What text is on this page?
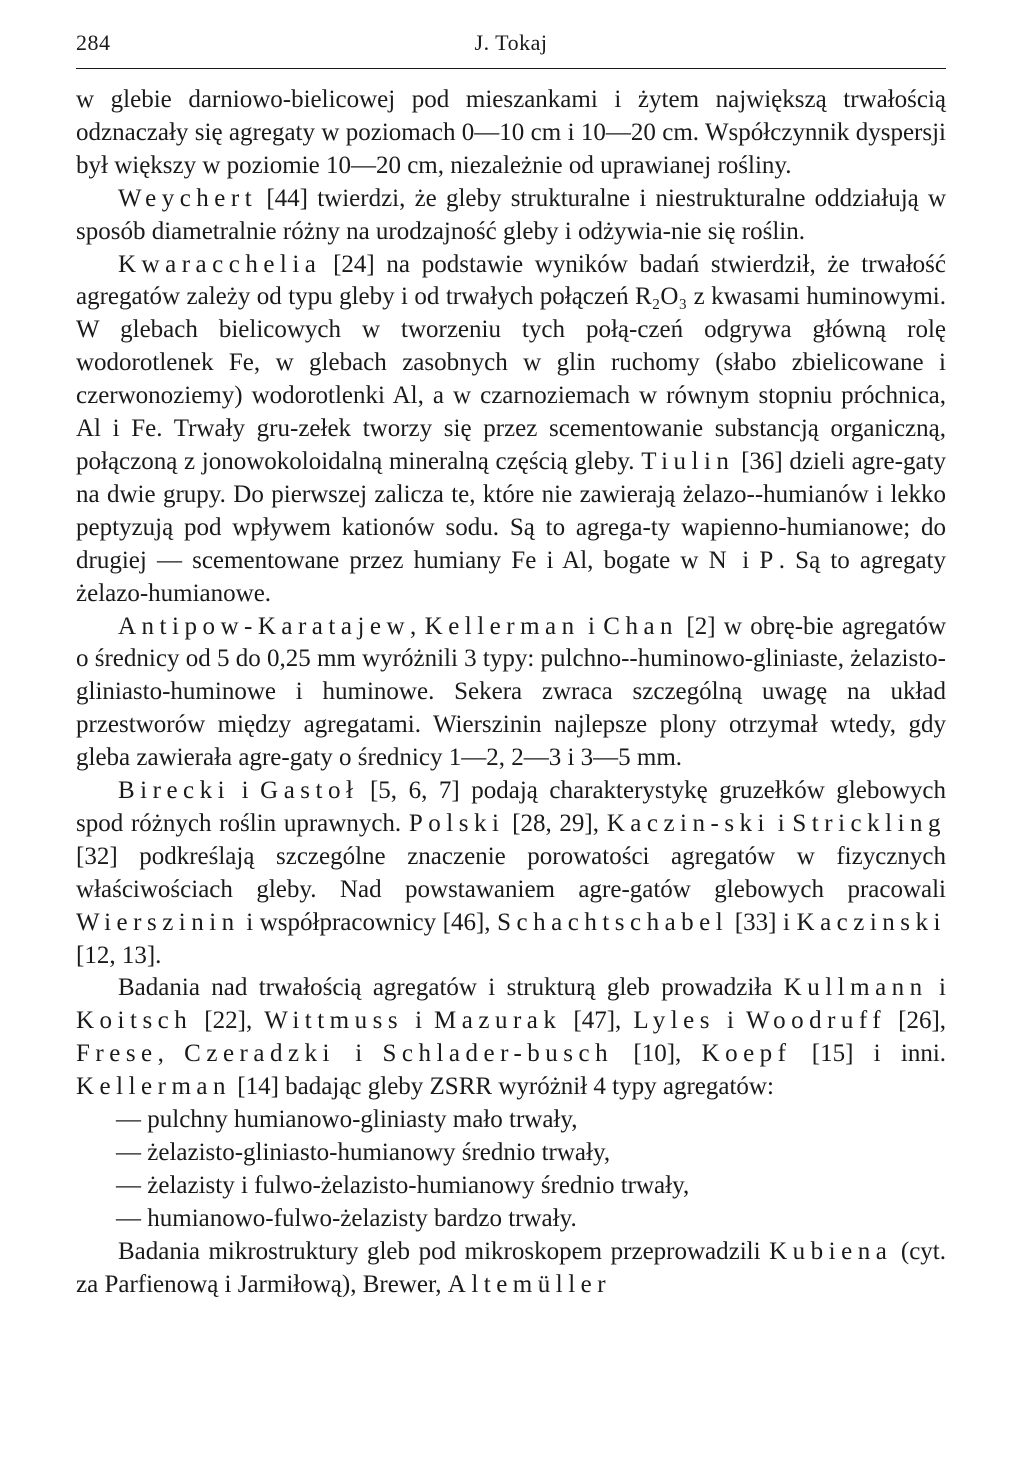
284	J. Tokaj

w glebie darniowo-bielicowej pod mieszankami i żytem największą trwałością odznaczały się agregaty w poziomach 0—10 cm i 10—20 cm. Współczynnik dyspersji był większy w poziomie 10—20 cm, niezależnie od uprawianej rośliny.

Weychert [44] twierdzi, że gleby strukturalne i niestrukturalne oddziałują w sposób diametralnie różny na urodzajność gleby i odżywia-nie się roślin.

Kwaracchelia [24] na podstawie wyników badań stwierdził, że trwałość agregatów zależy od typu gleby i od trwałych połączeń R₂O₃ z kwasami huminowymi. W glebach bielicowych w tworzeniu tych połą-czeń odgrywa główną rolę wodorotlenek Fe, w glebach zasobnych w glin ruchomy (słabo zbielicowane i czerwonoziemy) wodorotlenki Al, a w czarnoziemach w równym stopniu próchnica, Al i Fe. Trwały gru-zełek tworzy się przez scementowanie substancją organiczną, połączoną z jonowokoloidalną mineralną częścią gleby. Tiulin [36] dzieli agre-gaty na dwie grupy. Do pierwszej zalicza te, które nie zawierają żelazo--humianów i lekko peptyzują pod wpływem kationów sodu. Są to agrega-ty wapienno-humianowe; do drugiej — scementowane przez humiany Fe i Al, bogate w N i P. Są to agregaty żelazo-humianowe.

Antipow-Karatajew, Kellerman i Chan [2] w obrę-bie agregatów o średnicy od 5 do 0,25 mm wyróżnili 3 typy: pulchno--huminowo-gliniaste, żelazisto-gliniasto-huminowe i huminowe. Sekera zwraca szczególną uwagę na układ przestworów między agregatami. Wierszinin najlepsze plony otrzymał wtedy, gdy gleba zawierała agre-gaty o średnicy 1—2, 2—3 i 3—5 mm.

Birecki i Gastoł [5, 6, 7] podają charakterystykę gruzełków glebowych spod różnych roślin uprawnych. Polski [28, 29], Kaczin-ski i Strickling [32] podkreślają szczególne znaczenie porowatości agregatów w fizycznych właściwościach gleby. Nad powstawaniem agre-gatów glebowych pracowali Wierszinin i współpracownicy [46], Schachtschabel [33] i Kaczinski [12, 13].

Badania nad trwałością agregatów i strukturą gleb prowadziła Kullmann i Koitsch [22], Wittmuss i Mazurak [47], Lyles i Woodruff [26], Frese, Czeradzki i Schlader-busch [10], Koepf [15] i inni. Kellerman [14] badając gleby ZSRR wyróżnił 4 typy agregatów:

— pulchny humianowo-gliniasty mało trwały,
— żelazisto-gliniasto-humianowy średnio trwały,
— żelazisty i fulwo-żelazisto-humianowy średnio trwały,
— humianowo-fulwo-żelazisty bardzo trwały.

Badania mikrostruktury gleb pod mikroskopem przeprowadzili Kubiena (cyt. za Parfienową i Jarmiłową), Brewer, Altemüller
